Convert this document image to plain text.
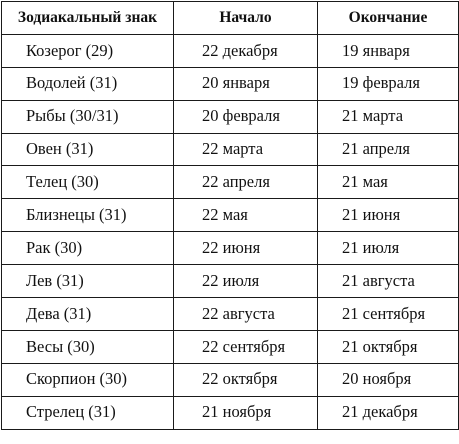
Зодиакальный знак	Начало	Окончание
Козерог (29)	22 декабря	19 января
Водолей (31)	20 января	19 февраля
Рыбы (30/31)	20 февраля	21 марта
Овен (31)	22 марта	21 апреля
Телец (30)	22 апреля	21 мая
Близнецы (31)	22 мая	21 июня
Рак (30)	22 июня	21 июля
Лев (31)	22 июля	21 августа
Дева (31)	22 августа	21 сентября
Весы (30)	22 сентября	21 октября
Скорпион (30)	22 октября	20 ноября
Стрелец (31)	21 ноября	21 декабря
